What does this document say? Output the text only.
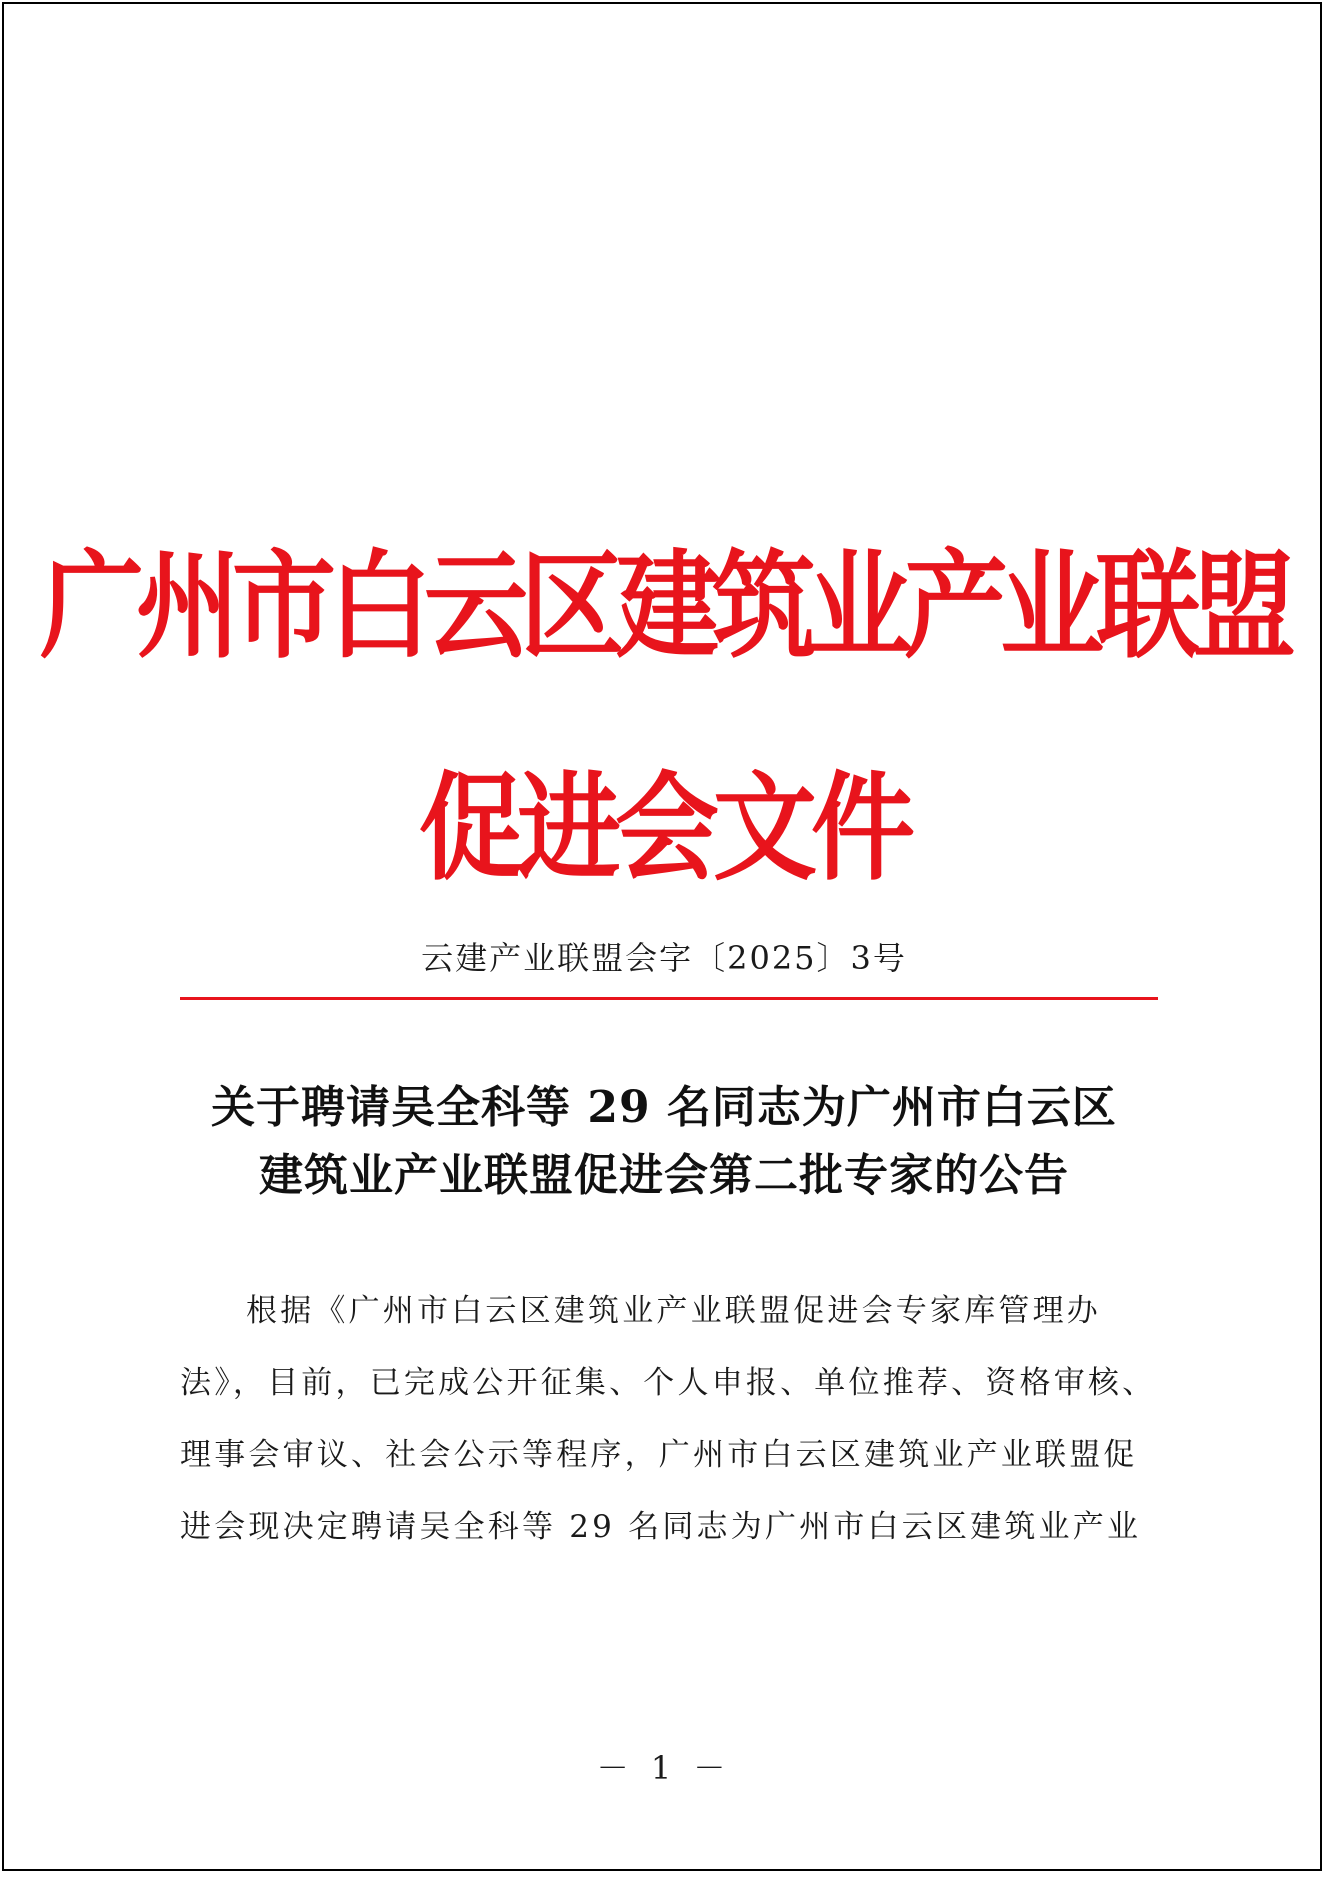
广州市白云区建筑业产业联盟
促进会文件
云建产业联盟会字〔2025〕3号
关于聘请吴全科等 29 名同志为广州市白云区
建筑业产业联盟促进会第二批专家的公告
根据《广州市白云区建筑业产业联盟促进会专家库管理办
法》，目前，已完成公开征集、个人申报、单位推荐、资格审核、
理事会审议、社会公示等程序，广州市白云区建筑业产业联盟促
进会现决定聘请吴全科等 29 名同志为广州市白云区建筑业产业
－ 1 －
